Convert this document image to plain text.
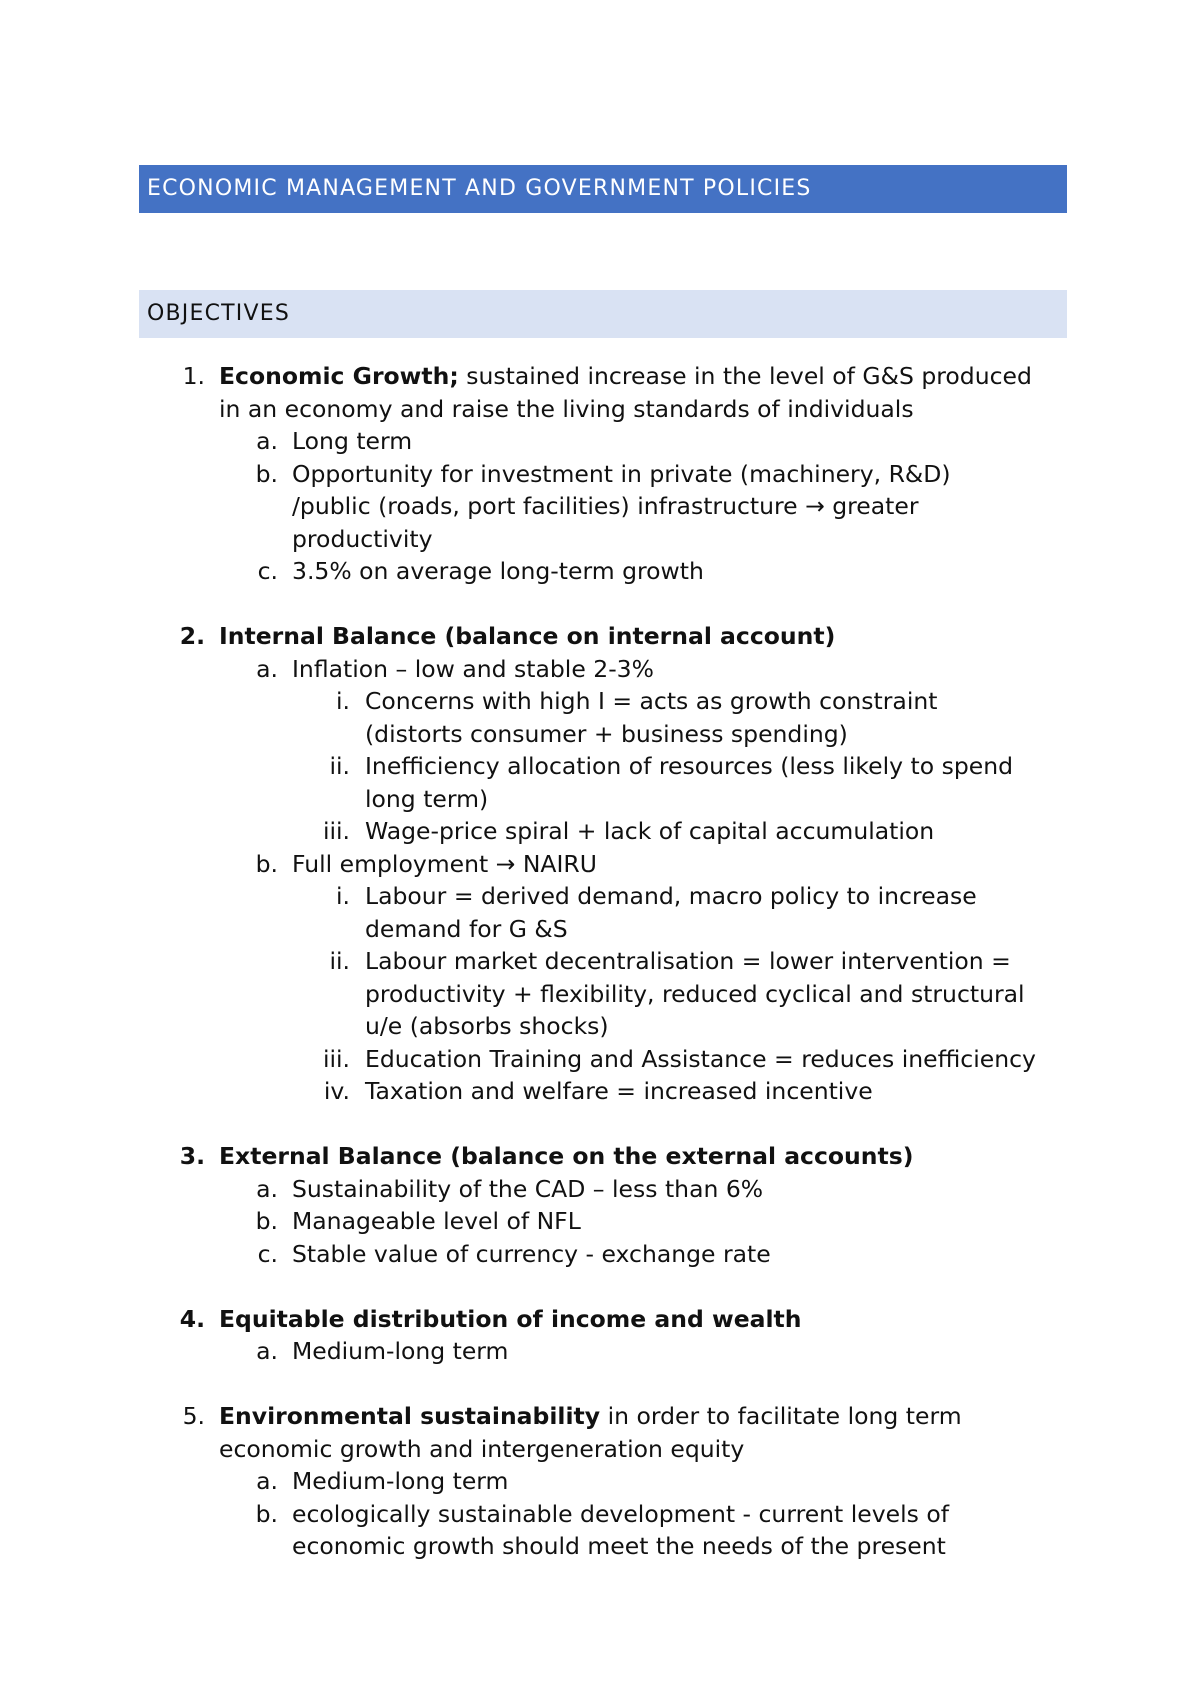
ECONOMIC MANAGEMENT AND GOVERNMENT POLICIES
OBJECTIVES
1. Economic Growth; sustained increase in the level of G&S produced
in an economy and raise the living standards of individuals
a. Long term
b. Opportunity for investment in private (machinery, R&D)
/public (roads, port facilities) infrastructure → greater
productivity
c. 3.5% on average long-term growth
2. Internal Balance (balance on internal account)
a. Inflation – low and stable 2-3%
i. Concerns with high I = acts as growth constraint
(distorts consumer + business spending)
ii. Inefficiency allocation of resources (less likely to spend
long term)
iii. Wage-price spiral + lack of capital accumulation
b. Full employment → NAIRU
i. Labour = derived demand, macro policy to increase
demand for G &S
ii. Labour market decentralisation = lower intervention =
productivity + flexibility, reduced cyclical and structural
u/e (absorbs shocks)
iii. Education Training and Assistance = reduces inefficiency
iv. Taxation and welfare = increased incentive
3. External Balance (balance on the external accounts)
a. Sustainability of the CAD – less than 6%
b. Manageable level of NFL
c. Stable value of currency - exchange rate
4. Equitable distribution of income and wealth
a. Medium-long term
5. Environmental sustainability in order to facilitate long term
economic growth and intergeneration equity
a. Medium-long term
b. ecologically sustainable development - current levels of
economic growth should meet the needs of the present
